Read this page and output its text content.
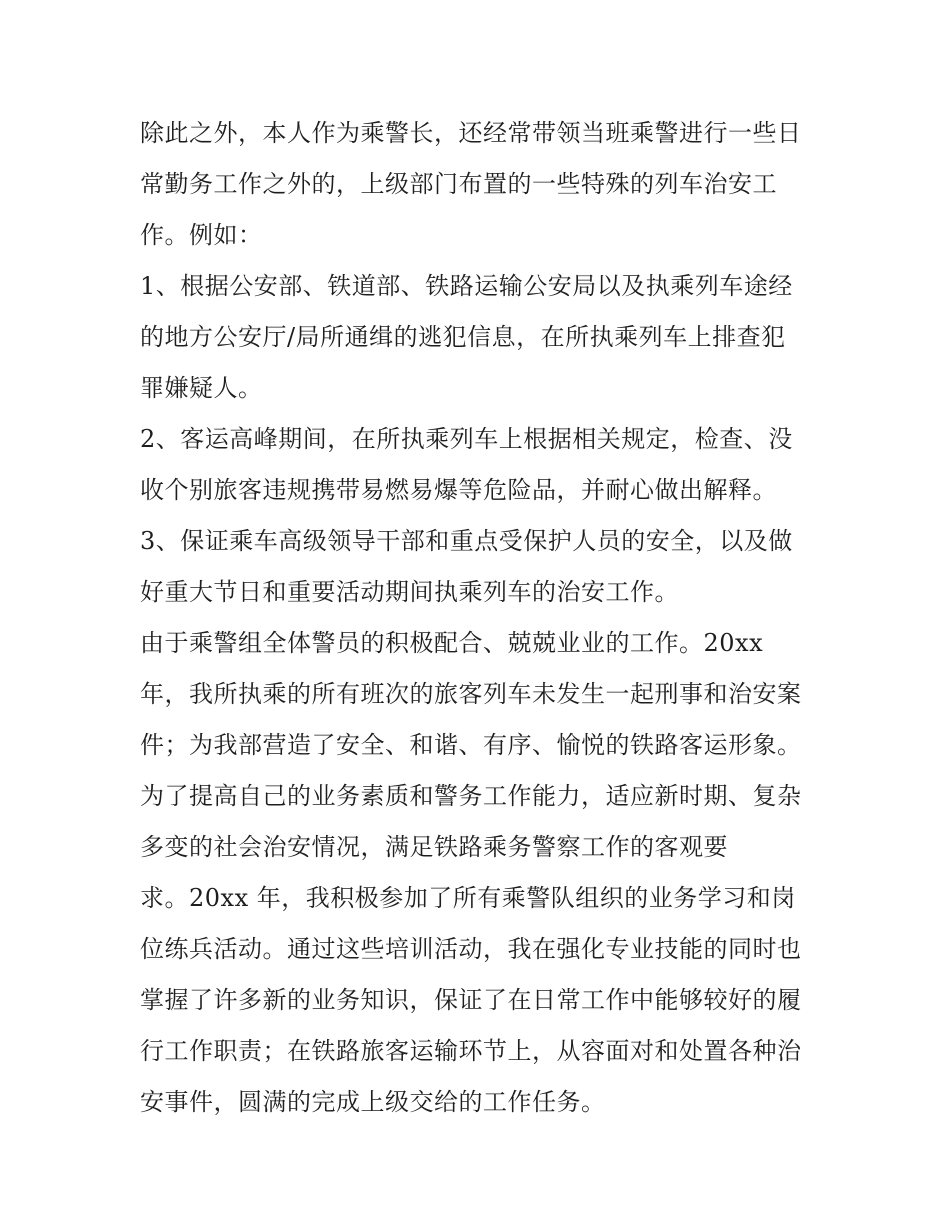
除此之外，本人作为乘警长，还经常带领当班乘警进行一些日
常勤务工作之外的，上级部门布置的一些特殊的列车治安工
作。例如：
1、根据公安部、铁道部、铁路运输公安局以及执乘列车途经
的地方公安厅/局所通缉的逃犯信息，在所执乘列车上排查犯
罪嫌疑人。
2、客运高峰期间，在所执乘列车上根据相关规定，检查、没
收个别旅客违规携带易燃易爆等危险品，并耐心做出解释。
3、保证乘车高级领导干部和重点受保护人员的安全，以及做
好重大节日和重要活动期间执乘列车的治安工作。
由于乘警组全体警员的积极配合、兢兢业业的工作。20xx
年，我所执乘的所有班次的旅客列车未发生一起刑事和治安案
件；为我部营造了安全、和谐、有序、愉悦的铁路客运形象。
为了提高自己的业务素质和警务工作能力，适应新时期、复杂
多变的社会治安情况，满足铁路乘务警察工作的客观要
求。20xx 年，我积极参加了所有乘警队组织的业务学习和岗
位练兵活动。通过这些培训活动，我在强化专业技能的同时也
掌握了许多新的业务知识，保证了在日常工作中能够较好的履
行工作职责；在铁路旅客运输环节上，从容面对和处置各种治
安事件，圆满的完成上级交给的工作任务。
